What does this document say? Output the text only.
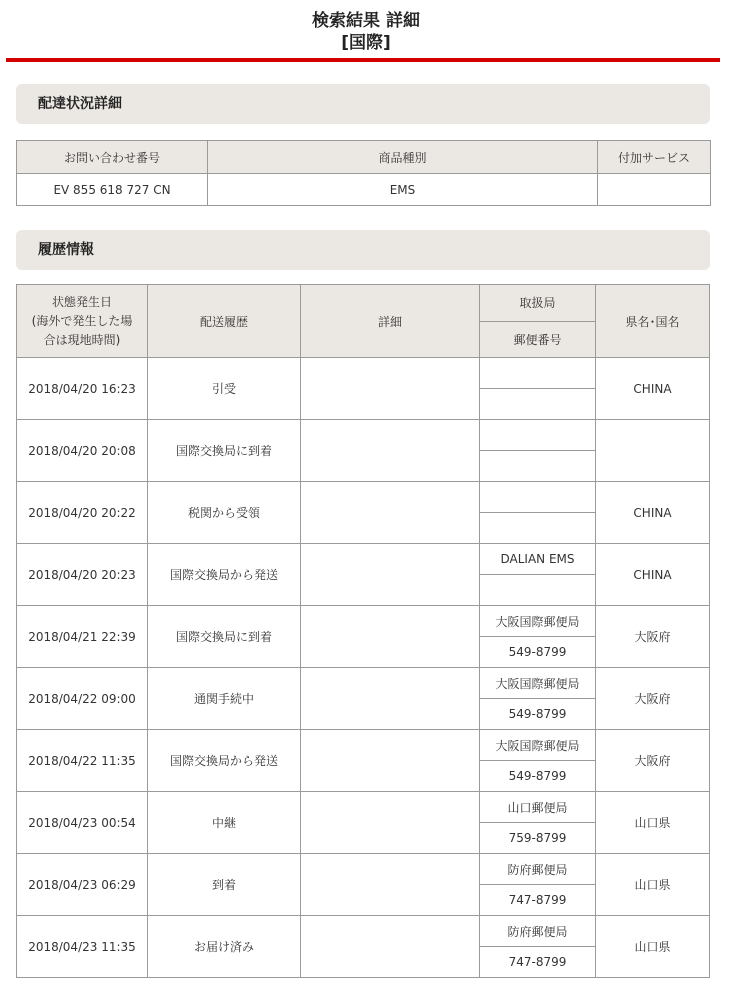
検索結果 詳細
[国際]
配達状況詳細
お問い合わせ番号	商品種別	付加サービス
EV 855 618 727 CN	EMS	
履歴情報
状態発生日
(海外で発生した場
合は現地時間)	配送履歴	詳細	取扱局	県名･国名
			郵便番号	
2018/04/20 16:23	引受			CHINA

2018/04/20 20:08	国際交換局に到着			

2018/04/20 20:22	税関から受領			CHINA

2018/04/20 20:23	国際交換局から発送		DALIAN EMS	CHINA

2018/04/21 22:39	国際交換局に到着		大阪国際郵便局	大阪府
			549-8799	
2018/04/22 09:00	通関手続中		大阪国際郵便局	大阪府
			549-8799	
2018/04/22 11:35	国際交換局から発送		大阪国際郵便局	大阪府
			549-8799	
2018/04/23 00:54	中継		山口郵便局	山口県
			759-8799	
2018/04/23 06:29	到着		防府郵便局	山口県
			747-8799	
2018/04/23 11:35	お届け済み		防府郵便局	山口県
			747-8799	
